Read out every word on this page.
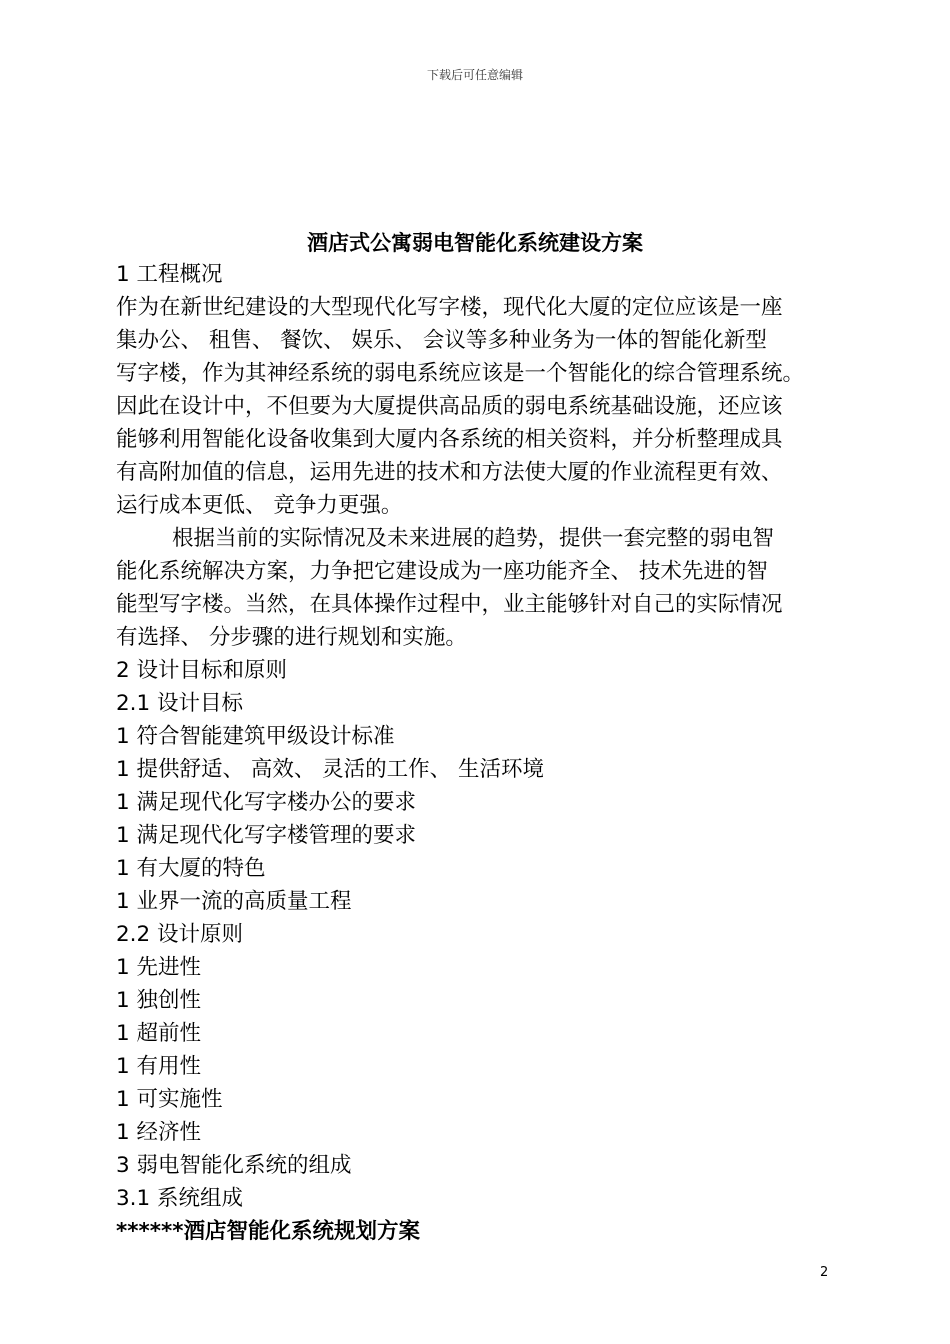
下载后可任意编辑
酒店式公寓弱电智能化系统建设方案
1 工程概况
作为在新世纪建设的大型现代化写字楼，现代化大厦的定位应该是一座
集办公、 租售、 餐饮、 娱乐、 会议等多种业务为一体的智能化新型
写字楼，作为其神经系统的弱电系统应该是一个智能化的综合管理系统。
因此在设计中，不但要为大厦提供高品质的弱电系统基础设施，还应该
能够利用智能化设备收集到大厦内各系统的相关资料，并分析整理成具
有高附加值的信息，运用先进的技术和方法使大厦的作业流程更有效、
运行成本更低、 竞争力更强。
根据当前的实际情况及未来进展的趋势，提供一套完整的弱电智
能化系统解决方案，力争把它建设成为一座功能齐全、 技术先进的智
能型写字楼。当然，在具体操作过程中，业主能够针对自己的实际情况
有选择、 分步骤的进行规划和实施。
2 设计目标和原则
2.1 设计目标
1 符合智能建筑甲级设计标准
1 提供舒适、 高效、 灵活的工作、 生活环境
1 满足现代化写字楼办公的要求
1 满足现代化写字楼管理的要求
1 有大厦的特色
1 业界一流的高质量工程
2.2 设计原则
1 先进性
1 独创性
1 超前性
1 有用性
1 可实施性
1 经济性
3 弱电智能化系统的组成
3.1 系统组成
******酒店智能化系统规划方案
2
